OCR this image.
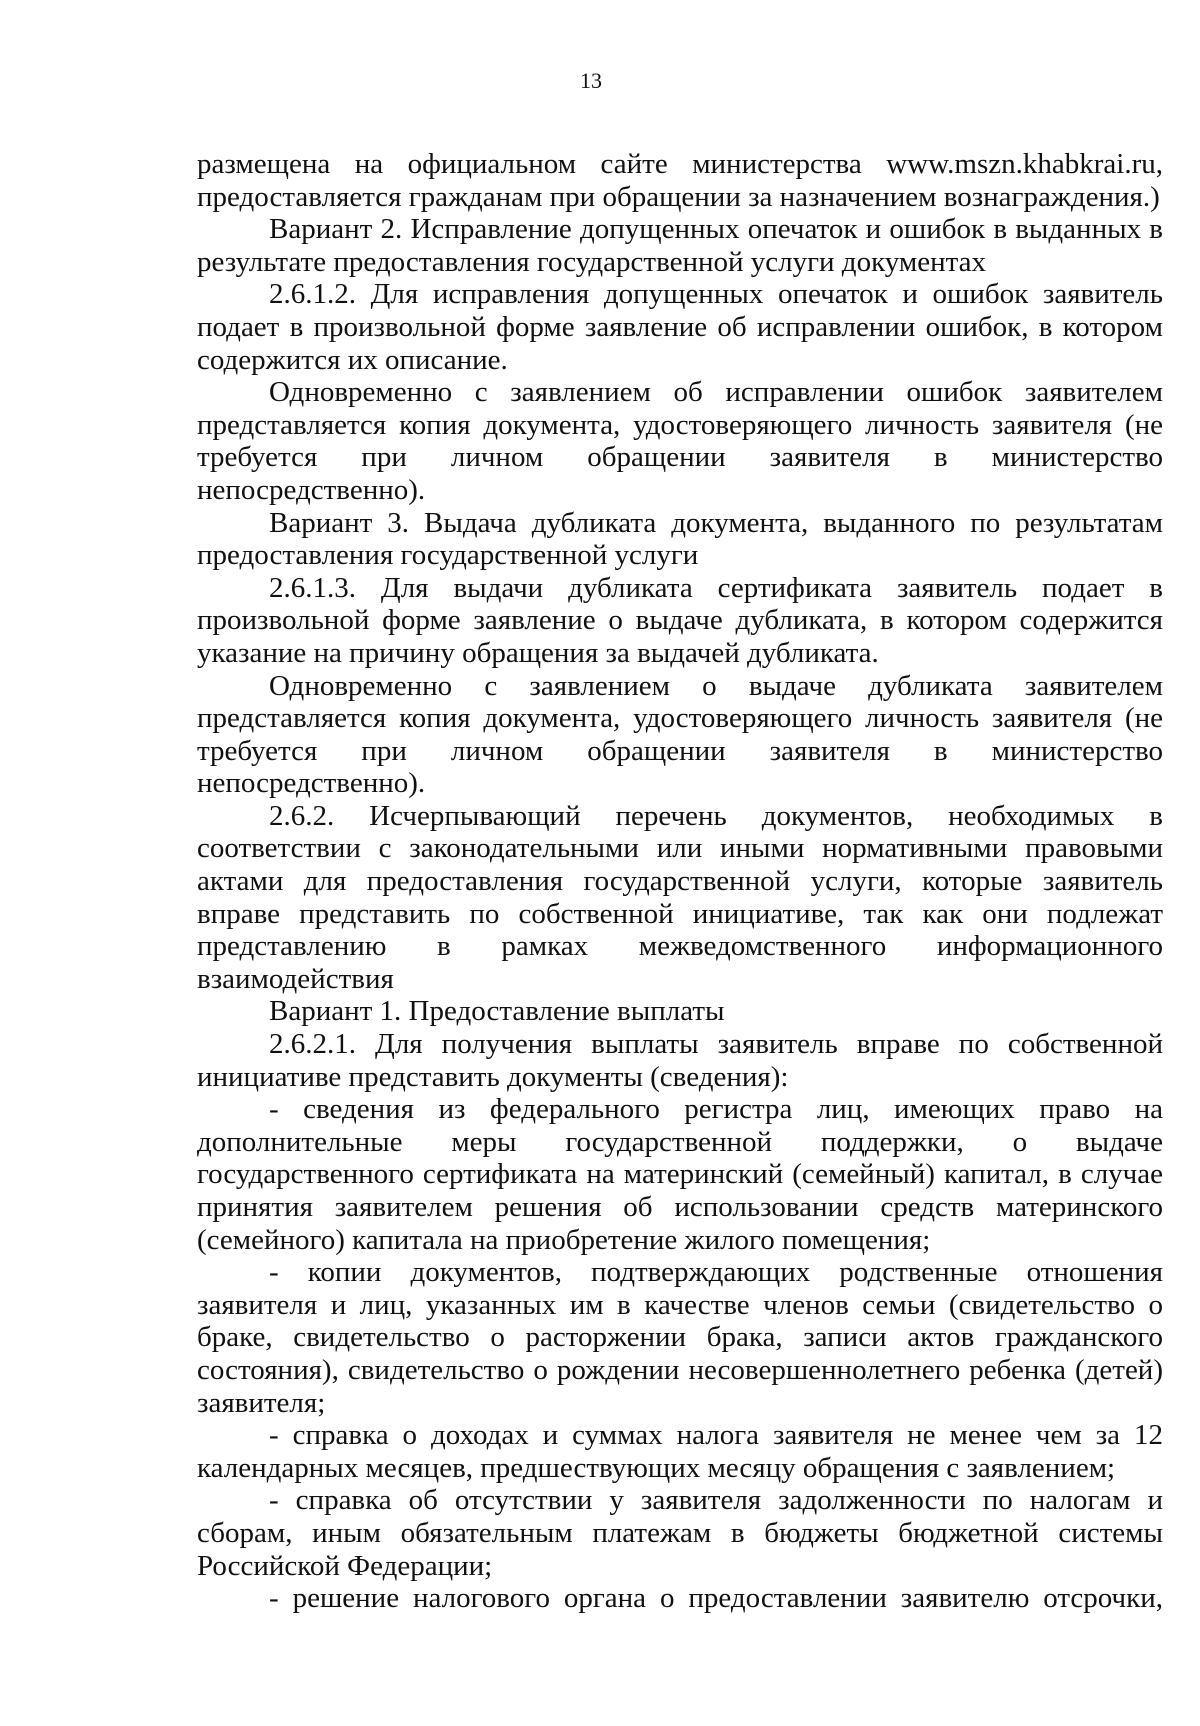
13

размещена на официальном сайте министерства www.mszn.khabkrai.ru, предоставляется гражданам при обращении за назначением вознаграждения.)

Вариант 2. Исправление допущенных опечаток и ошибок в выданных в результате предоставления государственной услуги документах

2.6.1.2. Для исправления допущенных опечаток и ошибок заявитель подает в произвольной форме заявление об исправлении ошибок, в котором содержится их описание.

Одновременно с заявлением об исправлении ошибок заявителем представляется копия документа, удостоверяющего личность заявителя (не требуется при личном обращении заявителя в министерство непосредственно).

Вариант 3. Выдача дубликата документа, выданного по результатам предоставления государственной услуги

2.6.1.3. Для выдачи дубликата сертификата заявитель подает в произвольной форме заявление о выдаче дубликата, в котором содержится указание на причину обращения за выдачей дубликата.

Одновременно с заявлением о выдаче дубликата заявителем представляется копия документа, удостоверяющего личность заявителя (не требуется при личном обращении заявителя в министерство непосредственно).

2.6.2. Исчерпывающий перечень документов, необходимых в соответствии с законодательными или иными нормативными правовыми актами для предоставления государственной услуги, которые заявитель вправе представить по собственной инициативе, так как они подлежат представлению в рамках межведомственного информационного взаимодействия

Вариант 1. Предоставление выплаты

2.6.2.1. Для получения выплаты заявитель вправе по собственной инициативе представить документы (сведения):

- сведения из федерального регистра лиц, имеющих право на дополнительные меры государственной поддержки, о выдаче государственного сертификата на материнский (семейный) капитал, в случае принятия заявителем решения об использовании средств материнского (семейного) капитала на приобретение жилого помещения;

- копии документов, подтверждающих родственные отношения заявителя и лиц, указанных им в качестве членов семьи (свидетельство о браке, свидетельство о расторжении брака, записи актов гражданского состояния), свидетельство о рождении несовершеннолетнего ребенка (детей) заявителя;

- справка о доходах и суммах налога заявителя не менее чем за 12 календарных месяцев, предшествующих месяцу обращения с заявлением;

- справка об отсутствии у заявителя задолженности по налогам и сборам, иным обязательным платежам в бюджеты бюджетной системы Российской Федерации;

- решение налогового органа о предоставлении заявителю отсрочки,
